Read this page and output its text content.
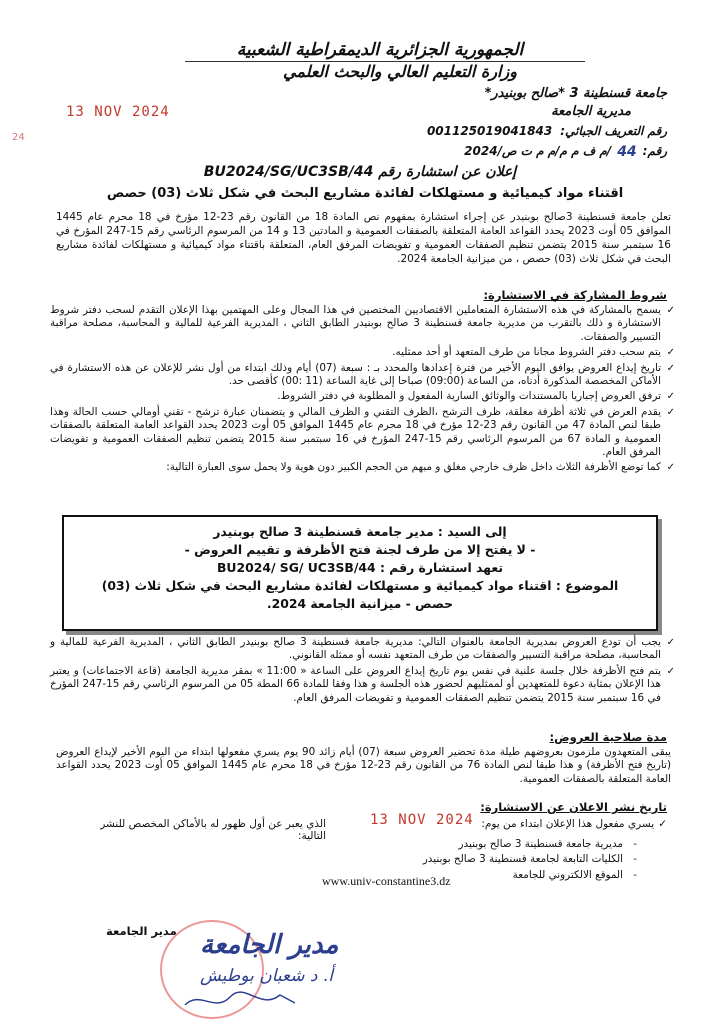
الجمهورية الجزائرية الديمقراطية الشعبية
وزارة التعليم العالي والبحث العلمي
جامعة قسنطينة 3 *صالح بوبنيدر*
13 NOV 2024	مديرية الجامعة
24	رقم التعريف الجبائي:
001125019041843
رقم:
44
/م ف م م/م م ت ص/2024
إعلان عن استشارة رقم BU2024/SG/UC3SB/44
اقتناء مواد كيميائية و مستهلكات لفائدة مشاريع البحث في شكل ثلاث (03) حصص
تعلن جامعة قسنطينة 3صالح بوبنيدر عن إجراء استشارة بمفهوم نص المادة 18 من القانون رقم 23-12 مؤرخ في 18 محرم عام 1445 الموافق 05 أوت 2023 يحدد القواعد العامة المتعلقة بالصفقات العمومية و المادتين 13 و 14 من المرسوم الرئاسي رقم 15-247 المؤرخ في 16 سبتمبر سنة 2015 يتضمن تنظيم الصفقات العمومية و تفويضات المرفق العام، المتعلقة باقتناء مواد كيميائية و مستهلكات لفائدة مشاريع البحث في شكل ثلاث (03) حصص ، من ميزانية الجامعة 2024.
شروط المشاركة في الاستشارة:
✓
يسمح بالمشاركة في هذه الاستشارة المتعاملين الاقتصاديين المختصين في هذا المجال وعلى المهتمين بهذا الإعلان التقدم لسحب دفتر شروط الاستشارة و ذلك بالتقرب من مديرية جامعة قسنطينة 3 صالح بوبنيدر الطابق الثاني ، المديرية الفرعية للمالية و المحاسبة، مصلحة مراقبة التسيير والصفقات.
✓
يتم سحب دفتر الشروط مجانا من طرف المتعهد أو أحد ممثليه.
✓
تاريخ إيداع العروض يوافق اليوم الأخير من فترة إعدادها والمحدد بـ : سبعة (07) أيام وذلك ابتداء من أول نشر للإعلان عن هذه الاستشارة في الأماكن المخصصة المذكورة أدناه، من الساعة (09:00) صباحا إلى غاية الساعة (11 :00) كأقصى حد.
✓
ترفق العروض إجباريا بالمستندات والوثائق السارية المفعول و المطلوبة في دفتر الشروط.
✓
يقدم العرض في ثلاثة أظرفة مغلقة، ظرف الترشح ،الظرف التقني و الظرف المالي و يتضمنان عبارة ترشح - تقني أومالي حسب الحالة وهذا طبقا لنص المادة 47 من القانون رقم 23-12 مؤرخ في 18 محرم عام 1445 الموافق 05 أوت 2023 يحدد القواعد العامة المتعلقة بالصفقات العمومية و المادة 67 من المرسوم الرئاسي رقم 15-247 المؤرخ في 16 سبتمبر سنة 2015 يتضمن تنظيم الصفقات العمومية و تفويضات المرفق العام.
✓
كما توضع الأظرفة الثلاث داخل ظرف خارجي مغلق و مبهم من الحجم الكبير دون هوية ولا يحمل سوى العبارة التالية:
إلى السيد : مدير جامعة قسنطينة 3 صالح بوبنيدر
- لا يفتح إلا من طرف لجنة فتح الأظرفة و تقييم العروض -
تعهد استشارة رقم : BU2024/ SG/ UC3SB/44
الموضوع : اقتناء مواد كيميائية و مستهلكات لفائدة مشاريع البحث في شكل ثلاث (03)
حصص - ميزانية الجامعة 2024.
✓
يجب أن تودع العروض بمديرية الجامعة بالعنوان التالي: مديرية جامعة قسنطينة 3 صالح بوبنيدر الطابق الثاني ، المديرية الفرعية للمالية و المحاسبة، مصلحة مراقبة التسيير والصفقات من طرف المتعهد نفسه أو ممثله القانوني.
✓
يتم فتح الأظرفة خلال جلسة علنية في نفس يوم تاريخ إيداع العروض على الساعة « 11:00 » بمقر مديرية الجامعة (قاعة الاجتماعات) و يعتبر هذا الإعلان بمثابة دعوة للمتعهدين أو لممثليهم لحضور هذه الجلسة و هذا وفقا للمادة 66 المطة 05 من المرسوم الرئاسي رقم 15-247 المؤرخ في 16 سبتمبر سنة 2015 يتضمن تنظيم الصفقات العمومية و تفويضات المرفق العام.
مدة صلاحية العروض:
يبقى المتعهدون ملزمون بعروضهم طيلة مدة تحضير العروض سبعة (07) أيام زائد 90 يوم يسري مفعولها ابتداء من اليوم الأخير لإيداع العروض (تاريخ فتح الأظرفة) و هذا طبقا لنص المادة 76 من القانون رقم 23-12 مؤرخ في 18 محرم عام 1445 الموافق 05 أوت 2023 يحدد القواعد العامة المتعلقة بالصفقات العمومية.
تاريخ نشر الاعلان عن الاستشارة:
13 NOV 2024	✓
يسري مفعول هذا الإعلان ابتداء من يوم:
الذي يعبر عن أول ظهور له بالأماكن المخصص للنشر التالية:
-
مديرية جامعة قسنطينة 3 صالح بوبنيدر
-
الكليات التابعة لجامعة قسنطينة 3 صالح بوبنيدر
-
الموقع الالكتروني للجامعة
www.univ-constantine3.dz
مدير الجامعة مدير الجامعة
أ. د شعبان بوطيش
